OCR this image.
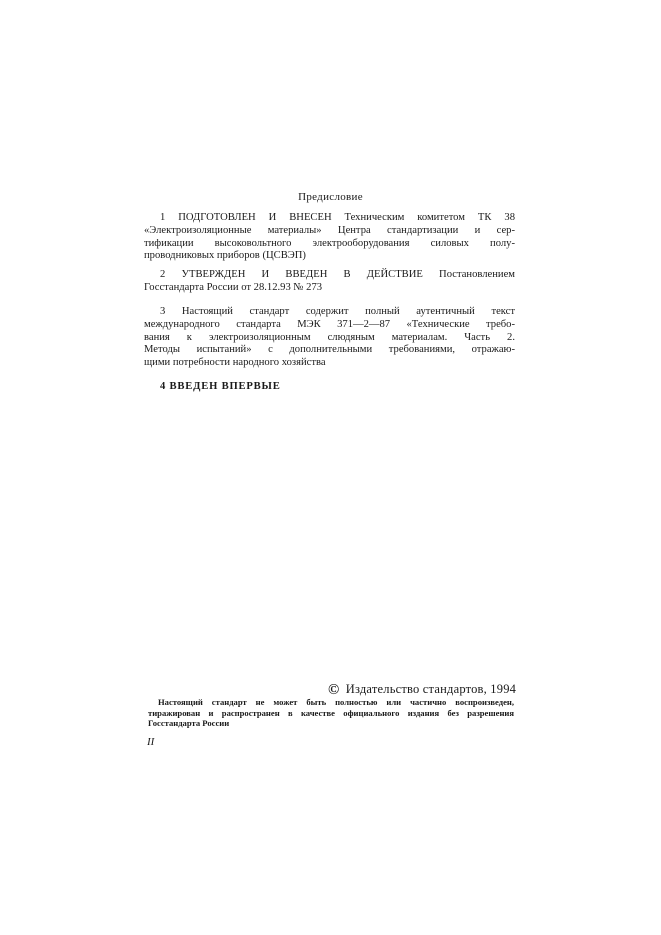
Предисловие
1 ПОДГОТОВЛЕН И ВНЕСЕН Техническим комитетом ТК 38
«Электроизоляционные материалы» Центра стандартизации и сер-
тификации высоковольтного электрооборудования силовых полу-
проводниковых приборов (ЦСВЭП)
2 УТВЕРЖДЕН И ВВЕДЕН В ДЕЙСТВИЕ Постановлением
Госстандарта России от 28.12.93 № 273
3 Настоящий стандарт содержит полный аутентичный текст
международного стандарта МЭК 371—2—87 «Технические требо-
вания к электроизоляционным слюдяным материалам. Часть 2.
Методы испытаний» с дополнительными требованиями, отражаю-
щими потребности народного хозяйства
4 ВВЕДЕН ВПЕРВЫЕ
© Издательство стандартов, 1994
Настоящий стандарт не может быть полностью или частично воспроизведен,
тиражирован и распространен в качестве официального издания без разрешения
Госстандарта России
II
